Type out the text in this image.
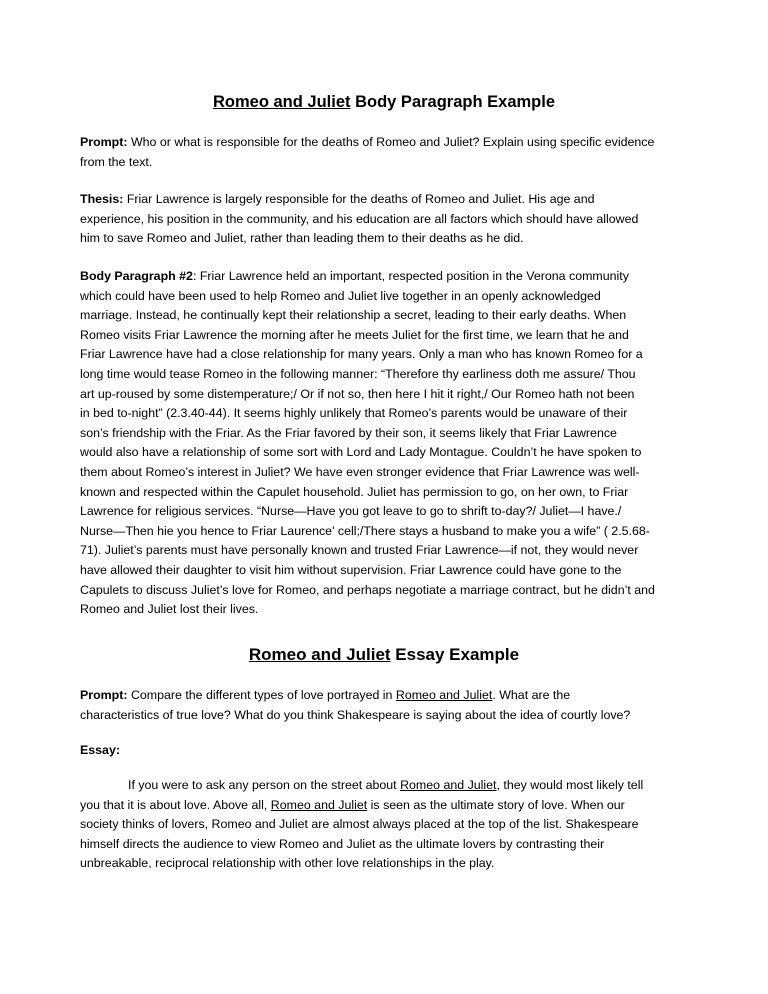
Romeo and Juliet Body Paragraph Example

Prompt: Who or what is responsible for the deaths of Romeo and Juliet? Explain using specific evidence
from the text.

Thesis: Friar Lawrence is largely responsible for the deaths of Romeo and Juliet. His age and
experience, his position in the community, and his education are all factors which should have allowed
him to save Romeo and Juliet, rather than leading them to their deaths as he did.

Body Paragraph #2: Friar Lawrence held an important, respected position in the Verona community
which could have been used to help Romeo and Juliet live together in an openly acknowledged
marriage. Instead, he continually kept their relationship a secret, leading to their early deaths. When
Romeo visits Friar Lawrence the morning after he meets Juliet for the first time, we learn that he and
Friar Lawrence have had a close relationship for many years. Only a man who has known Romeo for a
long time would tease Romeo in the following manner: “Therefore thy earliness doth me assure/ Thou
art up-roused by some distemperature;/ Or if not so, then here I hit it right,/ Our Romeo hath not been
in bed to-night” (2.3.40-44). It seems highly unlikely that Romeo’s parents would be unaware of their
son’s friendship with the Friar. As the Friar favored by their son, it seems likely that Friar Lawrence
would also have a relationship of some sort with Lord and Lady Montague. Couldn’t he have spoken to
them about Romeo’s interest in Juliet? We have even stronger evidence that Friar Lawrence was well-
known and respected within the Capulet household. Juliet has permission to go, on her own, to Friar
Lawrence for religious services. “Nurse—Have you got leave to go to shrift to-day?/ Juliet—I have./
Nurse—Then hie you hence to Friar Laurence' cell;/There stays a husband to make you a wife” ( 2.5.68-
71). Juliet’s parents must have personally known and trusted Friar Lawrence—if not, they would never
have allowed their daughter to visit him without supervision. Friar Lawrence could have gone to the
Capulets to discuss Juliet’s love for Romeo, and perhaps negotiate a marriage contract, but he didn’t and
Romeo and Juliet lost their lives.

Romeo and Juliet Essay Example

Prompt: Compare the different types of love portrayed in Romeo and Juliet. What are the
characteristics of true love? What do you think Shakespeare is saying about the idea of courtly love?

Essay:

If you were to ask any person on the street about Romeo and Juliet, they would most likely tell
you that it is about love. Above all, Romeo and Juliet is seen as the ultimate story of love. When our
society thinks of lovers, Romeo and Juliet are almost always placed at the top of the list. Shakespeare
himself directs the audience to view Romeo and Juliet as the ultimate lovers by contrasting their
unbreakable, reciprocal relationship with other love relationships in the play.
